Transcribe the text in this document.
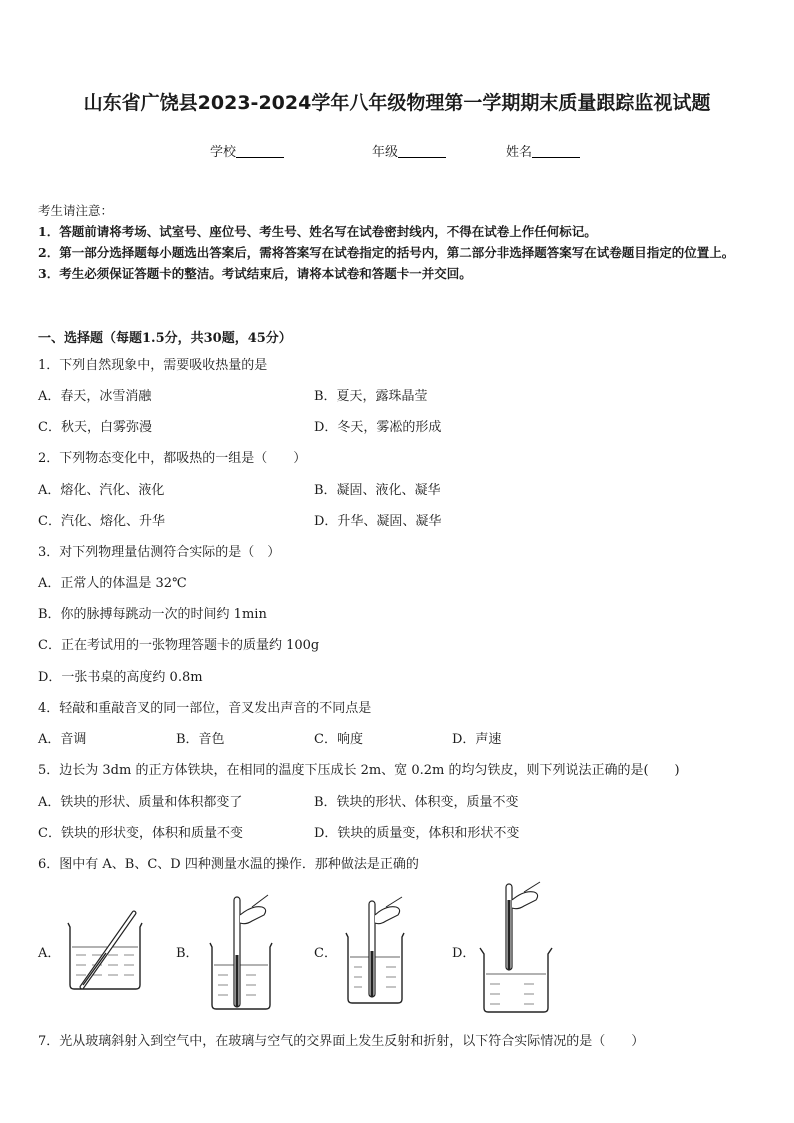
山东省广饶县2023-2024学年八年级物理第一学期期末质量跟踪监视试题
学校	年级	姓名
考生请注意：
1．答题前请将考场、试室号、座位号、考生号、姓名写在试卷密封线内，不得在试卷上作任何标记。
2．第一部分选择题每小题选出答案后，需将答案写在试卷指定的括号内，第二部分非选择题答案写在试卷题目指定的位置上。
3．考生必须保证答题卡的整洁。考试结束后，请将本试卷和答题卡一并交回。
一、选择题（每题1.5分，共30题，45分）
1．下列自然现象中，需要吸收热量的是
A．春天，冰雪消融	B．夏天，露珠晶莹
C．秋天，白雾弥漫	D．冬天，雾凇的形成
2．下列物态变化中，都吸热的一组是（　　）
A．熔化、汽化、液化	B．凝固、液化、凝华
C．汽化、熔化、升华	D．升华、凝固、凝华
3．对下列物理量估测符合实际的是（　）
A．正常人的体温是 32℃
B．你的脉搏每跳动一次的时间约 1min
C．正在考试用的一张物理答题卡的质量约 100g
D．一张书桌的高度约 0.8m
4．轻敲和重敲音叉的同一部位，音叉发出声音的不同点是
A．音调	B．音色	C．响度	D．声速
5．边长为 3dm 的正方体铁块，在相同的温度下压成长 2m、宽 0.2m 的均匀铁皮，则下列说法正确的是(　　)
A．铁块的形状、质量和体积都变了	B．铁块的形状、体积变，质量不变
C．铁块的形状变，体积和质量不变	D．铁块的质量变，体积和形状不变
6．图中有 A、B、C、D 四种测量水温的操作．那种做法是正确的
A．	B．	C．	D．
7．光从玻璃斜射入到空气中，在玻璃与空气的交界面上发生反射和折射，以下符合实际情况的是（　　）
